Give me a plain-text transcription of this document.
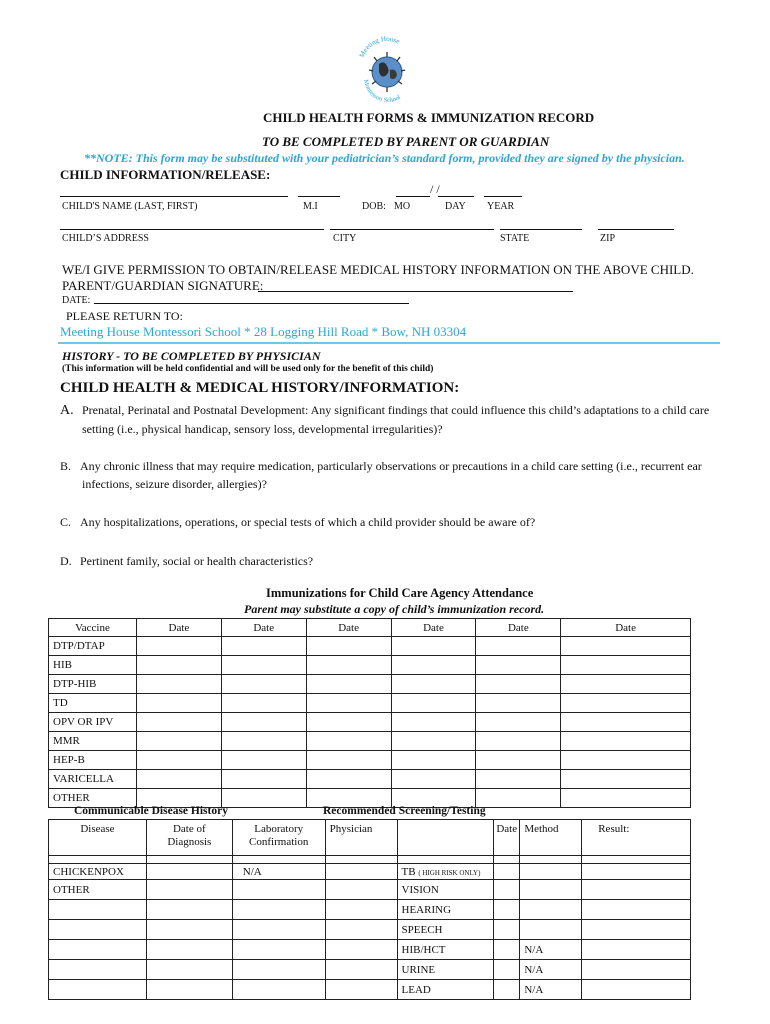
Meeting House
Montessori School
CHILD HEALTH FORMS & IMMUNIZATION RECORD
TO BE COMPLETED BY PARENT OR GUARDIAN
**NOTE: This form may be substituted with your pediatrician’s standard form, provided they are signed by the physician.
CHILD INFORMATION/RELEASE:
/ /
CHILD'S NAME (LAST, FIRST)	M.I	DOB: MO	DAY YEAR
CHILD’S ADDRESS	CITY	STATE	ZIP
WE/I GIVE PERMISSION TO OBTAIN/RELEASE MEDICAL HISTORY INFORMATION ON THE ABOVE CHILD.
PARENT/GUARDIAN SIGNATURE:
DATE:
PLEASE RETURN TO:
Meeting House Montessori School * 28 Logging Hill Road * Bow, NH 03304
HISTORY - TO BE COMPLETED BY PHYSICIAN
(This information will be held confidential and will be used only for the benefit of this child)
CHILD HEALTH & MEDICAL HISTORY/INFORMATION:
A. Prenatal, Perinatal and Postnatal Development: Any significant findings that could influence this child’s adaptations to a child care
setting (i.e., physical handicap, sensory loss, developmental irregularities)?
B. Any chronic illness that may require medication, particularly observations or precautions in a child care setting (i.e., recurrent ear
infections, seizure disorder, allergies)?
C. Any hospitalizations, operations, or special tests of which a child provider should be aware of?
D. Pertinent family, social or health characteristics?
Immunizations for Child Care Agency Attendance
Parent may substitute a copy of child’s immunization record.
Vaccine	Date	Date	Date	Date	Date	Date
DTP/DTAP						
HIB						
DTP-HIB						
TD						
OPV OR IPV						
MMR						
HEP-B						
VARICELLA						
OTHER						
Communicable Disease History	Recommended Screening/Testing
Disease	Date of Diagnosis	Laboratory Confirmation	Physician		Date	Method	Result:

CHICKENPOX		N/A		TB ( HIGH RISK ONLY)			
OTHER				VISION			
				HEARING			
				SPEECH			
				HIB/HCT		N/A	
				URINE		N/A	
				LEAD		N/A	
